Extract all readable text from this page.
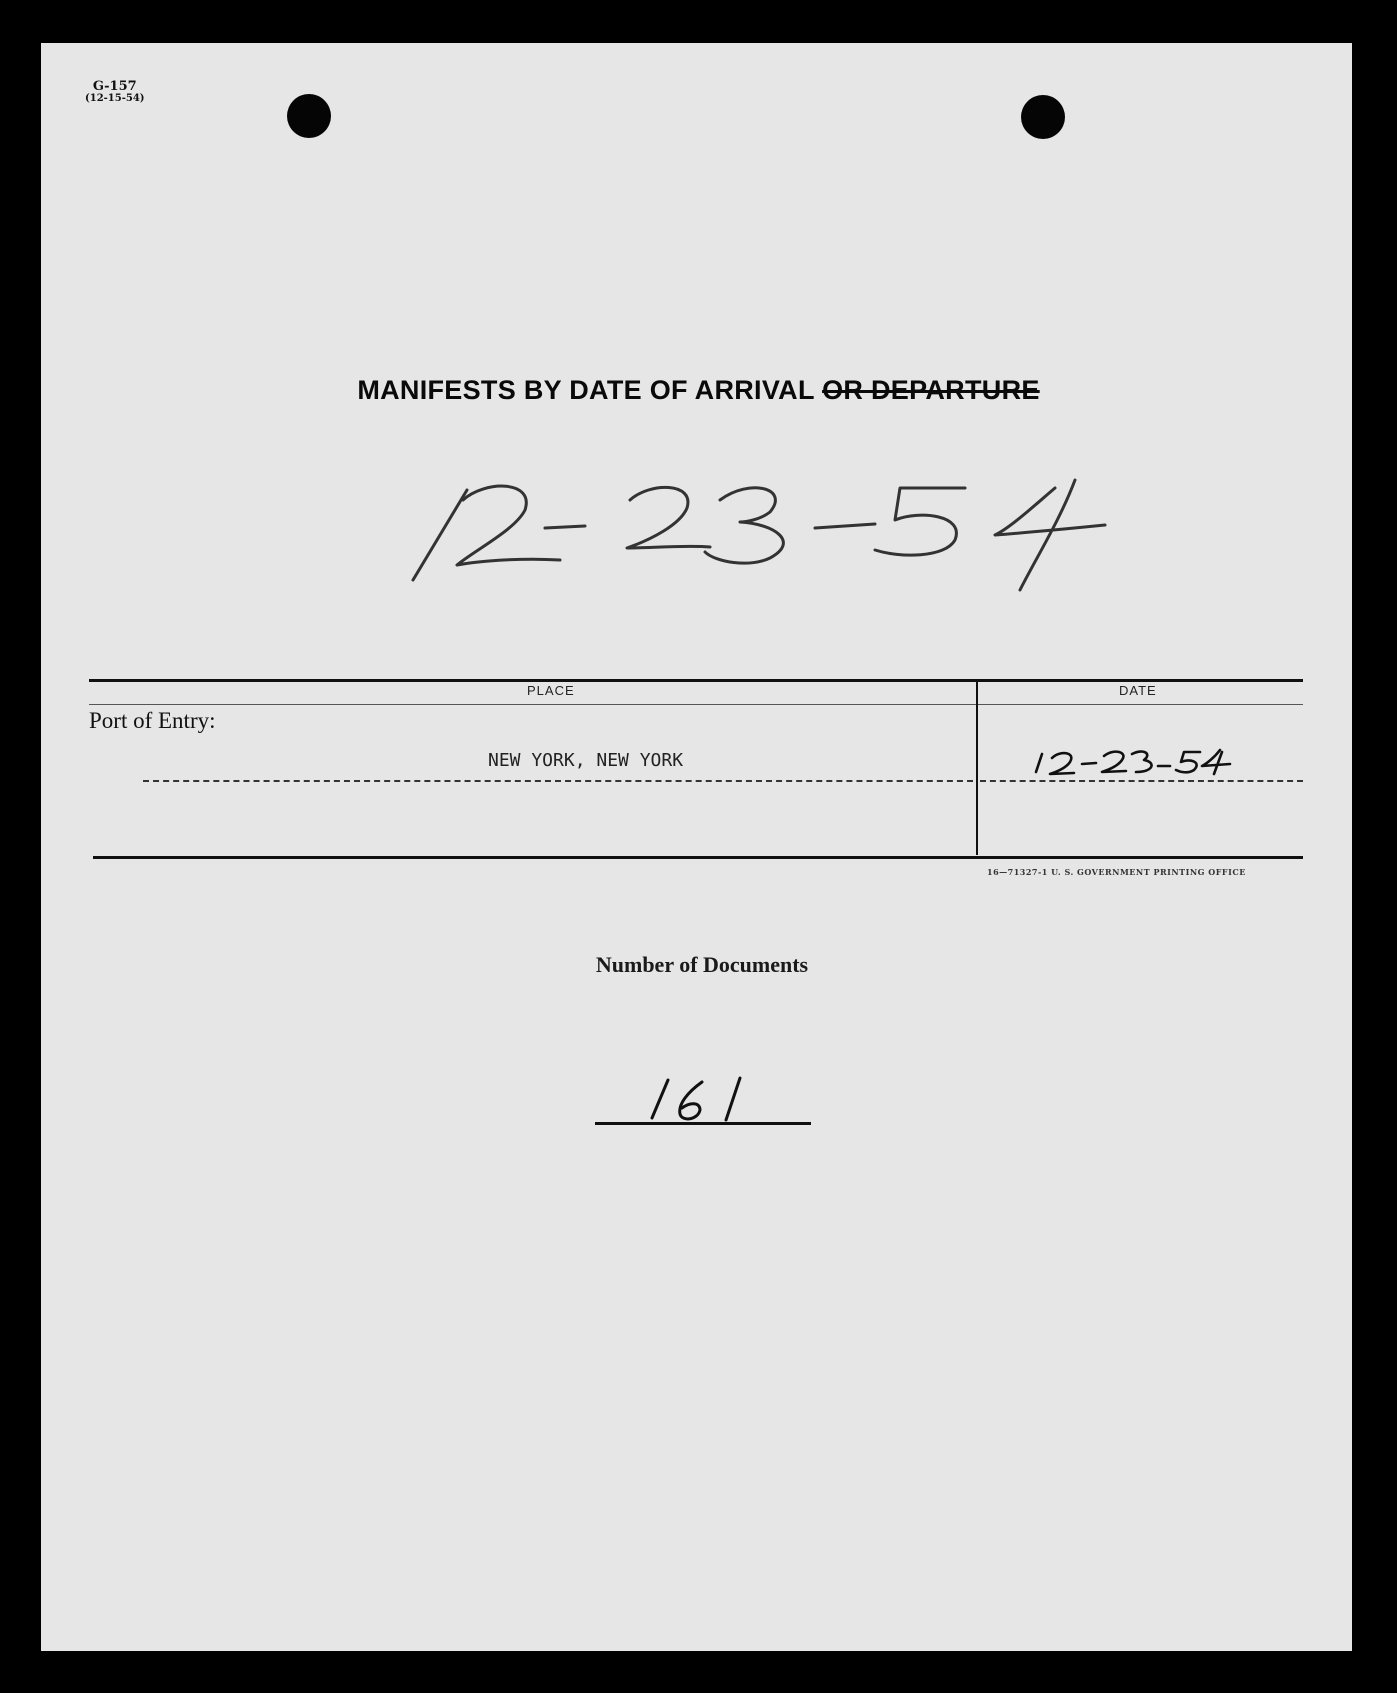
G-157
(12-15-54)
MANIFESTS BY DATE OF ARRIVAL OR DEPARTURE
PLACE	DATE
Port of Entry:
NEW YORK, NEW YORK
16—71327-1 U. S. GOVERNMENT PRINTING OFFICE
Number of Documents
